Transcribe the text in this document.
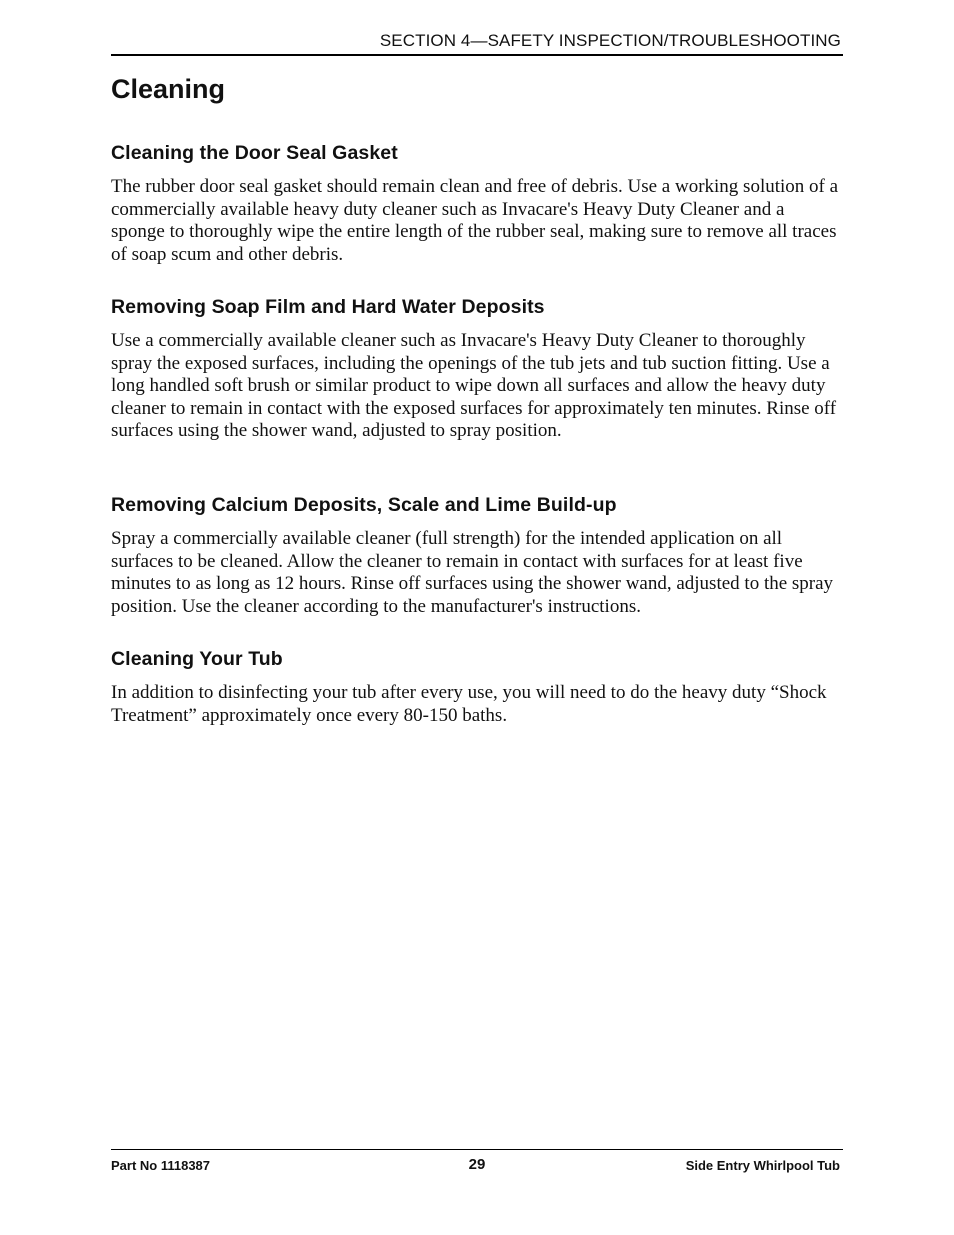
SECTION 4—SAFETY INSPECTION/TROUBLESHOOTING
Cleaning
Cleaning the Door Seal Gasket

The rubber door seal gasket should remain clean and free of debris. Use a working solution of a commercially available heavy duty cleaner such as Invacare's Heavy Duty Cleaner and a sponge to thoroughly wipe the entire length of the rubber seal, making sure to remove all traces of soap scum and other debris.

Removing Soap Film and Hard Water Deposits

Use a commercially available cleaner such as Invacare's Heavy Duty Cleaner to thoroughly spray the exposed surfaces, including the openings of the tub jets and tub suction fitting. Use a long handled soft brush or similar product to wipe down all surfaces and allow the heavy duty cleaner to remain in contact with the exposed surfaces for approximately ten minutes. Rinse off surfaces using the shower wand, adjusted to spray position.

Removing Calcium Deposits, Scale and Lime Build-up

Spray a commercially available cleaner (full strength) for the intended application on all surfaces to be cleaned. Allow the cleaner to remain in contact with surfaces for at least five minutes to as long as 12 hours. Rinse off surfaces using the shower wand, adjusted to the spray position. Use the cleaner according to the manufacturer's instructions.

Cleaning Your Tub

In addition to disinfecting your tub after every use, you will need to do the heavy duty “Shock Treatment” approximately once every 80-150 baths.

Part No 1118387	29	Side Entry Whirlpool Tub
